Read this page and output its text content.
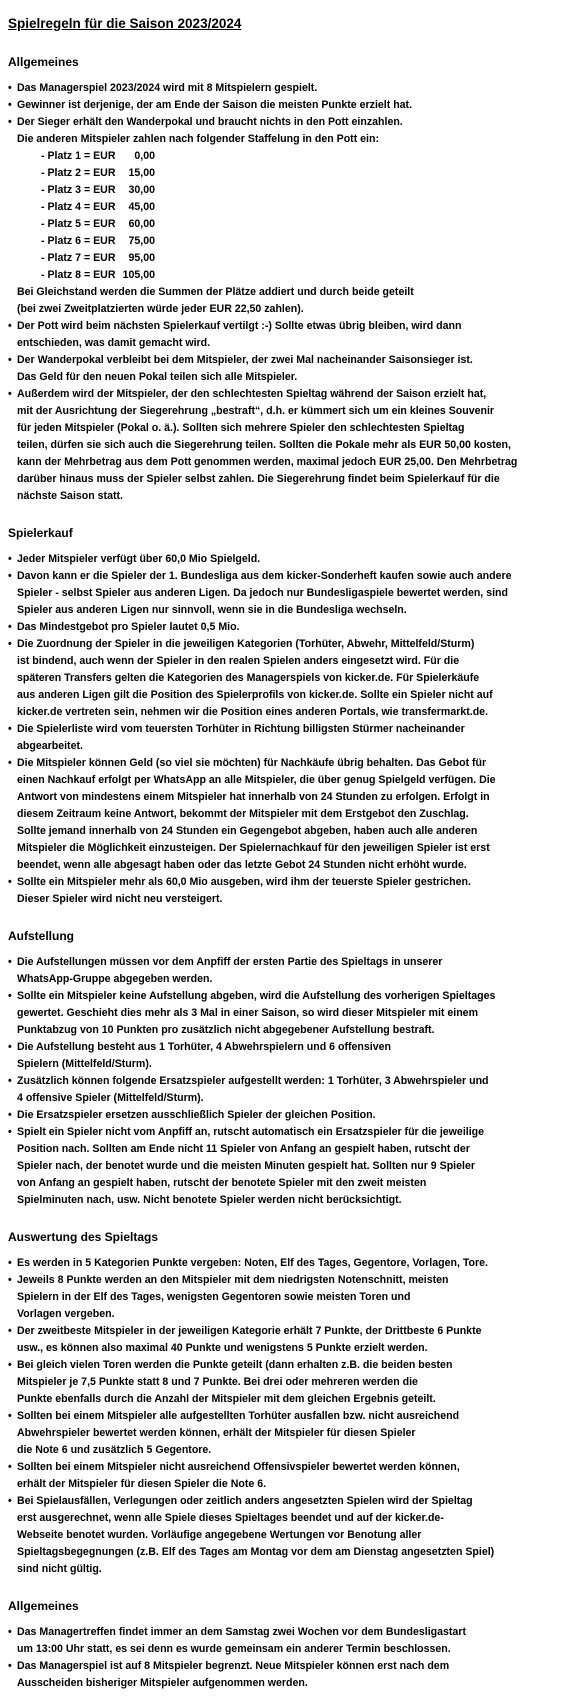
Spielregeln für die Saison 2023/2024
Allgemeines
• Das Managerspiel 2023/2024 wird mit 8 Mitspielern gespielt.
• Gewinner ist derjenige, der am Ende der Saison die meisten Punkte erzielt hat.
• Der Sieger erhält den Wanderpokal und braucht nichts in den Pott einzahlen.
Die anderen Mitspieler zahlen nach folgender Staffelung in den Pott ein:
- Platz 1 = EUR 0,00
- Platz 2 = EUR 15,00
- Platz 3 = EUR 30,00
- Platz 4 = EUR 45,00
- Platz 5 = EUR 60,00
- Platz 6 = EUR 75,00
- Platz 7 = EUR 95,00
- Platz 8 = EUR 105,00
Bei Gleichstand werden die Summen der Plätze addiert und durch beide geteilt
(bei zwei Zweitplatzierten würde jeder EUR 22,50 zahlen).
• Der Pott wird beim nächsten Spielerkauf vertilgt :-) Sollte etwas übrig bleiben, wird dann
entschieden, was damit gemacht wird.
• Der Wanderpokal verbleibt bei dem Mitspieler, der zwei Mal nacheinander Saisonsieger ist.
Das Geld für den neuen Pokal teilen sich alle Mitspieler.
• Außerdem wird der Mitspieler, der den schlechtesten Spieltag während der Saison erzielt hat,
mit der Ausrichtung der Siegerehrung „bestraft“, d.h. er kümmert sich um ein kleines Souvenir
für jeden Mitspieler (Pokal o. ä.). Sollten sich mehrere Spieler den schlechtesten Spieltag
teilen, dürfen sie sich auch die Siegerehrung teilen. Sollten die Pokale mehr als EUR 50,00 kosten,
kann der Mehrbetrag aus dem Pott genommen werden, maximal jedoch EUR 25,00. Den Mehrbetrag
darüber hinaus muss der Spieler selbst zahlen. Die Siegerehrung findet beim Spielerkauf für die
nächste Saison statt.
Spielerkauf
• Jeder Mitspieler verfügt über 60,0 Mio Spielgeld.
• Davon kann er die Spieler der 1. Bundesliga aus dem kicker-Sonderheft kaufen sowie auch andere
Spieler - selbst Spieler aus anderen Ligen. Da jedoch nur Bundesligaspiele bewertet werden, sind
Spieler aus anderen Ligen nur sinnvoll, wenn sie in die Bundesliga wechseln.
• Das Mindestgebot pro Spieler lautet 0,5 Mio.
• Die Zuordnung der Spieler in die jeweiligen Kategorien (Torhüter, Abwehr, Mittelfeld/Sturm)
ist bindend, auch wenn der Spieler in den realen Spielen anders eingesetzt wird. Für die
späteren Transfers gelten die Kategorien des Managerspiels von kicker.de. Für Spielerkäufe
aus anderen Ligen gilt die Position des Spielerprofils von kicker.de. Sollte ein Spieler nicht auf
kicker.de vertreten sein, nehmen wir die Position eines anderen Portals, wie transfermarkt.de.
• Die Spielerliste wird vom teuersten Torhüter in Richtung billigsten Stürmer nacheinander
abgearbeitet.
• Die Mitspieler können Geld (so viel sie möchten) für Nachkäufe übrig behalten. Das Gebot für
einen Nachkauf erfolgt per WhatsApp an alle Mitspieler, die über genug Spielgeld verfügen. Die
Antwort von mindestens einem Mitspieler hat innerhalb von 24 Stunden zu erfolgen. Erfolgt in
diesem Zeitraum keine Antwort, bekommt der Mitspieler mit dem Erstgebot den Zuschlag.
Sollte jemand innerhalb von 24 Stunden ein Gegengebot abgeben, haben auch alle anderen
Mitspieler die Möglichkeit einzusteigen. Der Spielernachkauf für den jeweiligen Spieler ist erst
beendet, wenn alle abgesagt haben oder das letzte Gebot 24 Stunden nicht erhöht wurde.
• Sollte ein Mitspieler mehr als 60,0 Mio ausgeben, wird ihm der teuerste Spieler gestrichen.
Dieser Spieler wird nicht neu versteigert.
Aufstellung
• Die Aufstellungen müssen vor dem Anpfiff der ersten Partie des Spieltags in unserer
WhatsApp-Gruppe abgegeben werden.
• Sollte ein Mitspieler keine Aufstellung abgeben, wird die Aufstellung des vorherigen Spieltages
gewertet. Geschieht dies mehr als 3 Mal in einer Saison, so wird dieser Mitspieler mit einem
Punktabzug von 10 Punkten pro zusätzlich nicht abgegebener Aufstellung bestraft.
• Die Aufstellung besteht aus 1 Torhüter, 4 Abwehrspielern und 6 offensiven
Spielern (Mittelfeld/Sturm).
• Zusätzlich können folgende Ersatzspieler aufgestellt werden: 1 Torhüter, 3 Abwehrspieler und
4 offensive Spieler (Mittelfeld/Sturm).
• Die Ersatzspieler ersetzen ausschließlich Spieler der gleichen Position.
• Spielt ein Spieler nicht vom Anpfiff an, rutscht automatisch ein Ersatzspieler für die jeweilige
Position nach. Sollten am Ende nicht 11 Spieler von Anfang an gespielt haben, rutscht der
Spieler nach, der benotet wurde und die meisten Minuten gespielt hat. Sollten nur 9 Spieler
von Anfang an gespielt haben, rutscht der benotete Spieler mit den zweit meisten
Spielminuten nach, usw. Nicht benotete Spieler werden nicht berücksichtigt.
Auswertung des Spieltags
• Es werden in 5 Kategorien Punkte vergeben: Noten, Elf des Tages, Gegentore, Vorlagen, Tore.
• Jeweils 8 Punkte werden an den Mitspieler mit dem niedrigsten Notenschnitt, meisten
Spielern in der Elf des Tages, wenigsten Gegentoren sowie meisten Toren und
Vorlagen vergeben.
• Der zweitbeste Mitspieler in der jeweiligen Kategorie erhält 7 Punkte, der Drittbeste 6 Punkte
usw., es können also maximal 40 Punkte und wenigstens 5 Punkte erzielt werden.
• Bei gleich vielen Toren werden die Punkte geteilt (dann erhalten z.B. die beiden besten
Mitspieler je 7,5 Punkte statt 8 und 7 Punkte. Bei drei oder mehreren werden die
Punkte ebenfalls durch die Anzahl der Mitspieler mit dem gleichen Ergebnis geteilt.
• Sollten bei einem Mitspieler alle aufgestellten Torhüter ausfallen bzw. nicht ausreichend
Abwehrspieler bewertet werden können, erhält der Mitspieler für diesen Spieler
die Note 6 und zusätzlich 5 Gegentore.
• Sollten bei einem Mitspieler nicht ausreichend Offensivspieler bewertet werden können,
erhält der Mitspieler für diesen Spieler die Note 6.
• Bei Spielausfällen, Verlegungen oder zeitlich anders angesetzten Spielen wird der Spieltag
erst ausgerechnet, wenn alle Spiele dieses Spieltages beendet und auf der kicker.de-
Webseite benotet wurden. Vorläufige angegebene Wertungen vor Benotung aller
Spieltagsbegegnungen (z.B. Elf des Tages am Montag vor dem am Dienstag angesetzten Spiel)
sind nicht gültig.
Allgemeines
• Das Managertreffen findet immer an dem Samstag zwei Wochen vor dem Bundesligastart
um 13:00 Uhr statt, es sei denn es wurde gemeinsam ein anderer Termin beschlossen.
• Das Managerspiel ist auf 8 Mitspieler begrenzt. Neue Mitspieler können erst nach dem
Ausscheiden bisheriger Mitspieler aufgenommen werden.
